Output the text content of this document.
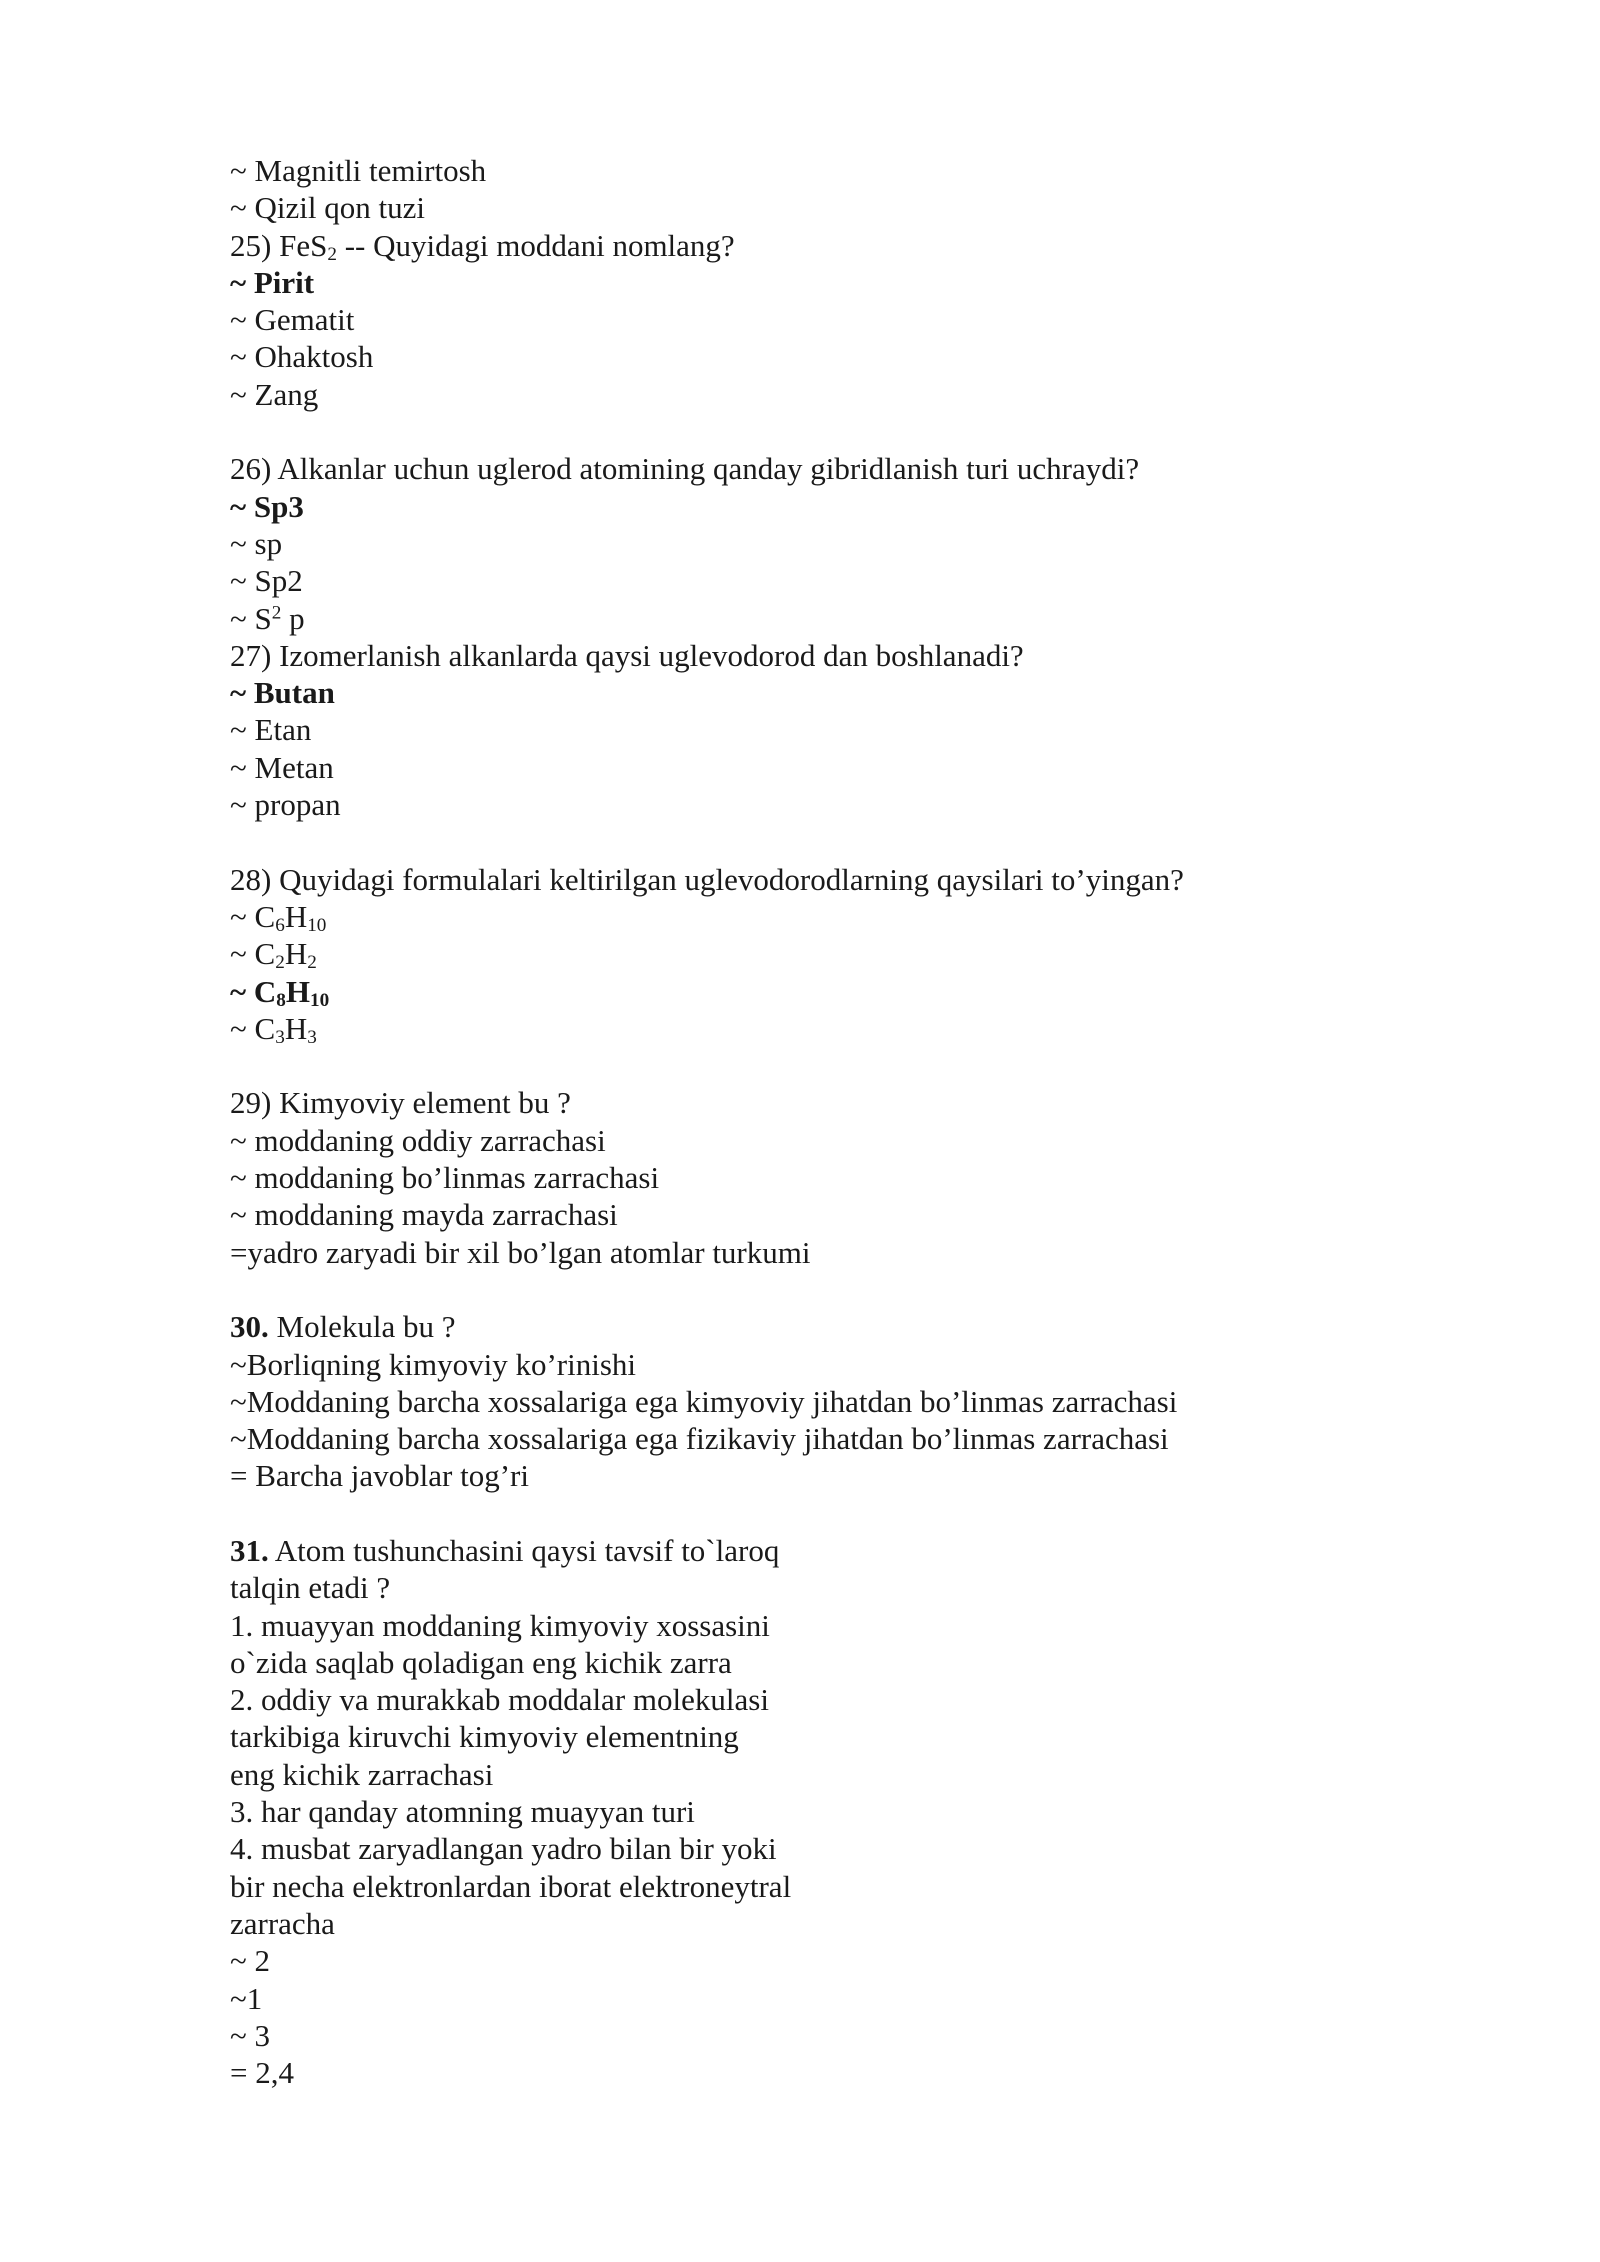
~ Magnitli temirtosh
~ Qizil qon tuzi
25) FeS$_2$ -- Quyidagi moddani nomlang?
~ Pirit
~ Gematit
~ Ohaktosh
~ Zang
26) Alkanlar uchun uglerod atomining qanday gibridlanish turi uchraydi?
~ Sp3
~ sp
~ Sp2
~ $S^2$ p
27) Izomerlanish alkanlarda qaysi uglevodorod dan boshlanadi?
~ Butan
~ Etan
~ Metan
~ propan
28) Quyidagi formulalari keltirilgan uglevodorodlarning qaysilari to’yingan?
~ $C_6H_{10}$
~ $C_2H_2$
~ $C_8H_{10}$
~ $C_3H_3$
29) Kimyoviy element bu ?
~ moddaning oddiy zarrachasi
~ moddaning bo’linmas zarrachasi
~ moddaning mayda zarrachasi
=yadro zaryadi bir xil bo’lgan atomlar turkumi
30. Molekula bu ?
~Borliqning kimyoviy ko’rinishi
~Moddaning barcha xossalariga ega kimyoviy jihatdan bo’linmas zarrachasi
~Moddaning barcha xossalariga ega fizikaviy jihatdan bo’linmas zarrachasi
= Barcha javoblar tog’ri
31. Atom tushunchasini qaysi tavsif to`laroq
talqin etadi ?
1. muayyan moddaning kimyoviy xossasini
o`zida saqlab qoladigan eng kichik zarra
2. oddiy va murakkab moddalar molekulasi
tarkibiga kiruvchi kimyoviy elementning
eng kichik zarrachasi
3. har qanday atomning muayyan turi
4. musbat zaryadlangan yadro bilan bir yoki
bir necha elektronlardan iborat elektroneytral
zarracha
~ 2
~1
~ 3
= 2,4
